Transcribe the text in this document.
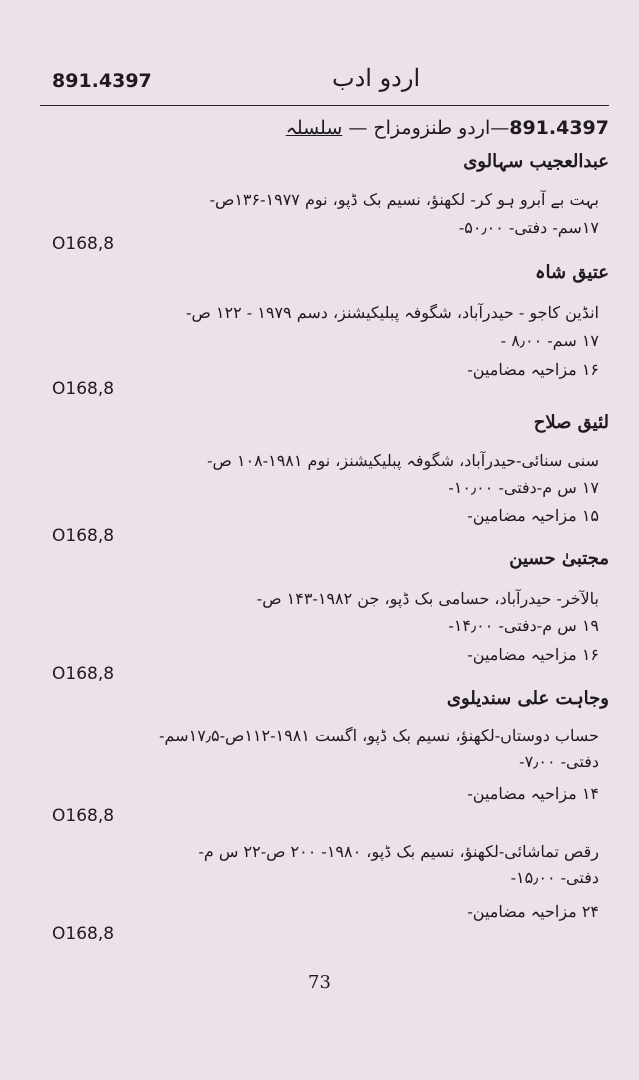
891.4397	اردو ادب
891.4397—اردو طنزومزاح — سلسلہ
عبدالعجیب سہالوی
بہت بے آبرو ہو کر- لکھنؤ، نسیم بک ڈپو، نوم ۱۹۷۷-۱۳۶ص-
۱۷سم- دفتی- ۵۰٫۰۰-
O168,8
عتیق شاہ
انڈین کاجو - حیدرآباد، شگوفہ پبلیکیشنز، دسم ۱۹۷۹ - ۱۲۲ ص-
۱۷ سم- ۸٫۰۰ -
۱۶ مزاحیہ مضامین-
O168,8
لئیق صلاح
سنی سنائی-حیدرآباد، شگوفہ پبلیکیشنز، نوم ۱۹۸۱-۱۰۸ ص-
۱۷ س م-دفتی- ۱۰٫۰۰-
۱۵ مزاحیہ مضامین-
O168,8
مجتبیٰ حسین
بالآخر- حیدرآباد، حسامی بک ڈپو، جن ۱۹۸۲-۱۴۳ ص-
۱۹ س م-دفتی- ۱۴٫۰۰-
۱۶ مزاحیہ مضامین-
O168,8
وجاہت علی سندیلوی
حساب دوستاں-لکھنؤ، نسیم بک ڈپو، اگست ۱۹۸۱-۱۱۲ص-۱۷٫۵سم-
دفتی- ۷٫۰۰-
۱۴ مزاحیہ مضامین-
O168,8
رقص تماشائی-لکھنؤ، نسیم بک ڈپو، ۱۹۸۰- ۲۰۰ ص-۲۲ س م-
دفتی- ۱۵٫۰۰-
۲۴ مزاحیہ مضامین-
O168,8
73
